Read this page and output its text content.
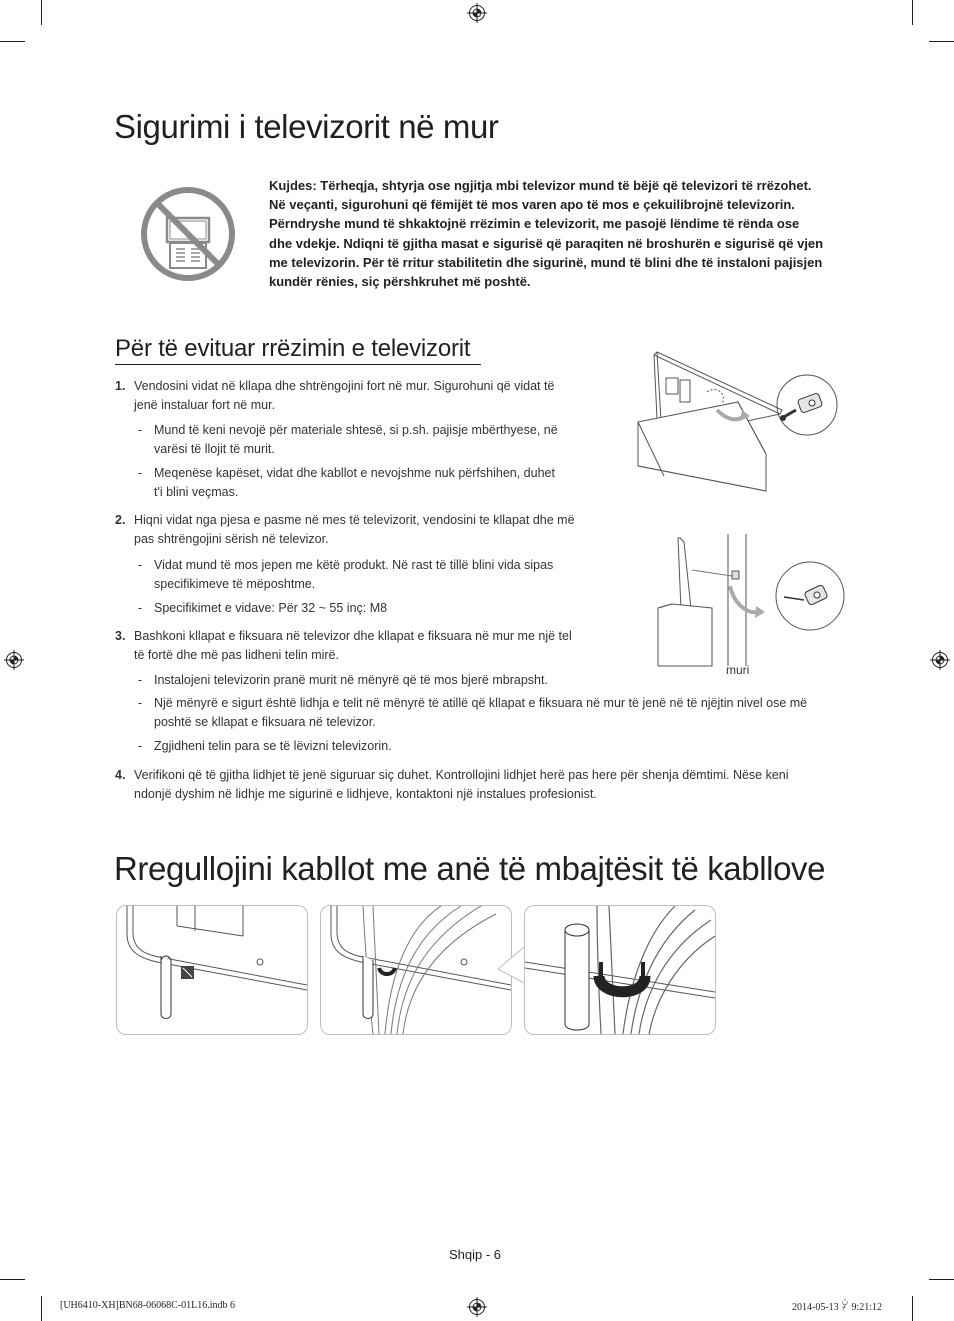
Sigurimi i televizorit në mur
Kujdes: Tërheqja, shtyrja ose ngjitja mbi televizor mund të bëjë që televizori të rrëzohet.
Në veçanti, sigurohuni që fëmijët të mos varen apo të mos e çekuilibrojnë televizorin.
Përndryshe mund të shkaktojnë rrëzimin e televizorit, me pasojë lëndime të rënda ose
dhe vdekje. Ndiqni të gjitha masat e sigurisë që paraqiten në broshurën e sigurisë që vjen
me televizorin. Për të rritur stabilitetin dhe sigurinë, mund të blini dhe të instaloni pajisjen
kundër rënies, siç përshkruhet më poshtë.
Për të evituar rrëzimin e televizorit
1. Vendosini vidat në kllapa dhe shtrëngojini fort në mur. Sigurohuni që vidat të
jenë instaluar fort në mur.
- Mund të keni nevojë për materiale shtesë, si p.sh. pajisje mbërthyese, në
varësi të llojit të murit.
- Meqenëse kapëset, vidat dhe kabllot e nevojshme nuk përfshihen, duhet
t'i blini veçmas.
2. Hiqni vidat nga pjesa e pasme në mes të televizorit, vendosini te kllapat dhe më
pas shtrëngojini sërish në televizor.
- Vidat mund të mos jepen me këtë produkt. Në rast të tillë blini vida sipas
specifikimeve të mëposhtme.
- Specifikimet e vidave: Për 32 ~ 55 inç: M8
3. Bashkoni kllapat e fiksuara në televizor dhe kllapat e fiksuara në mur me një tel
të fortë dhe më pas lidheni telin mirë.
- Instalojeni televizorin pranë murit në mënyrë që të mos bjerë mbrapsht.
- Një mënyrë e sigurt është lidhja e telit në mënyrë të atillë që kllapat e fiksuara në mur të jenë në të njëjtin nivel ose më
poshtë se kllapat e fiksuara në televizor.
- Zgjidheni telin para se të lëvizni televizorin.
4. Verifikoni që të gjitha lidhjet të jenë siguruar siç duhet. Kontrollojini lidhjet herë pas here për shenja dëmtimi. Nëse keni
ndonjë dyshim në lidhje me sigurinë e lidhjeve, kontaktoni një instalues profesionist.
muri
Rregullojini kabllot me anë të mbajtësit të kabllove
Shqip - 6
[UH6410-XH]BN68-06068C-01L16.indb 6	2014-05-13 ꐓ 9:21:12
